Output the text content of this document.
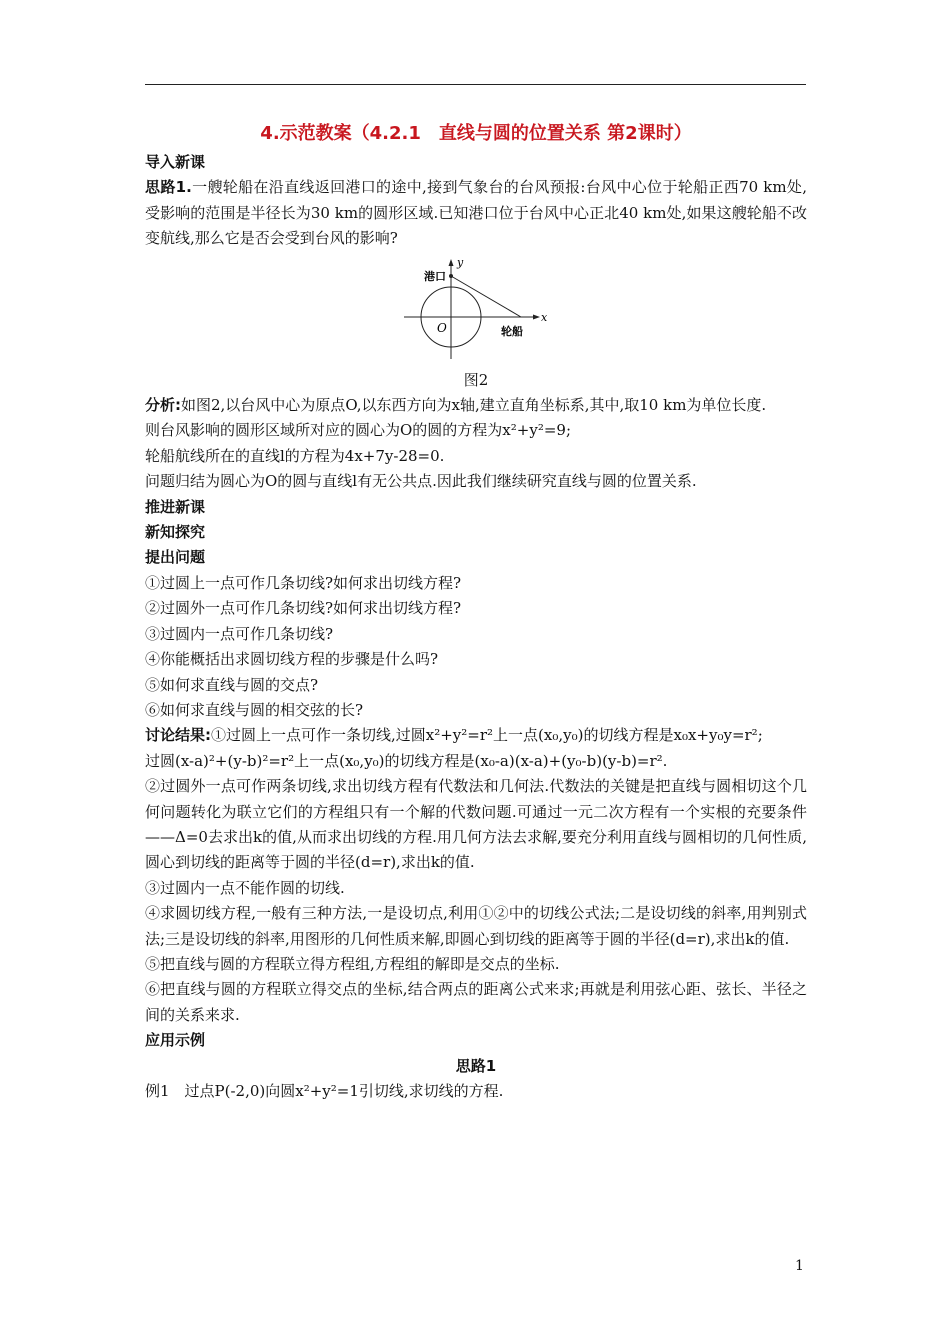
4.示范教案（4.2.1　直线与圆的位置关系 第2课时）
导入新课
思路1.一艘轮船在沿直线返回港口的途中,接到气象台的台风预报:台风中心位于轮船正西70 km处,受影响的范围是半径长为30 km的圆形区域.已知港口位于台风中心正北40 km处,如果这艘轮船不改变航线,那么它是否会受到台风的影响?
y
x
O
港口
轮船
图2
分析:如图2,以台风中心为原点O,以东西方向为x轴,建立直角坐标系,其中,取10 km为单位长度.
则台风影响的圆形区域所对应的圆心为O的圆的方程为x²+y²=9;
轮船航线所在的直线l的方程为4x+7y-28=0.
问题归结为圆心为O的圆与直线l有无公共点.因此我们继续研究直线与圆的位置关系.
推进新课
新知探究
提出问题
①过圆上一点可作几条切线?如何求出切线方程?
②过圆外一点可作几条切线?如何求出切线方程?
③过圆内一点可作几条切线?
④你能概括出求圆切线方程的步骤是什么吗?
⑤如何求直线与圆的交点?
⑥如何求直线与圆的相交弦的长?
讨论结果:①过圆上一点可作一条切线,过圆x²+y²=r²上一点(x₀,y₀)的切线方程是x₀x+y₀y=r²;
过圆(x-a)²+(y-b)²=r²上一点(x₀,y₀)的切线方程是(x₀-a)(x-a)+(y₀-b)(y-b)=r².
②过圆外一点可作两条切线,求出切线方程有代数法和几何法.代数法的关键是把直线与圆相切这个几何问题转化为联立它们的方程组只有一个解的代数问题.可通过一元二次方程有一个实根的充要条件——Δ=0去求出k的值,从而求出切线的方程.用几何方法去求解,要充分利用直线与圆相切的几何性质,圆心到切线的距离等于圆的半径(d=r),求出k的值.
③过圆内一点不能作圆的切线.
④求圆切线方程,一般有三种方法,一是设切点,利用①②中的切线公式法;二是设切线的斜率,用判别式法;三是设切线的斜率,用图形的几何性质来解,即圆心到切线的距离等于圆的半径(d=r),求出k的值.
⑤把直线与圆的方程联立得方程组,方程组的解即是交点的坐标.
⑥把直线与圆的方程联立得交点的坐标,结合两点的距离公式来求;再就是利用弦心距、弦长、半径之间的关系来求.
应用示例
思路1
例1　过点P(-2,0)向圆x²+y²=1引切线,求切线的方程.
1
